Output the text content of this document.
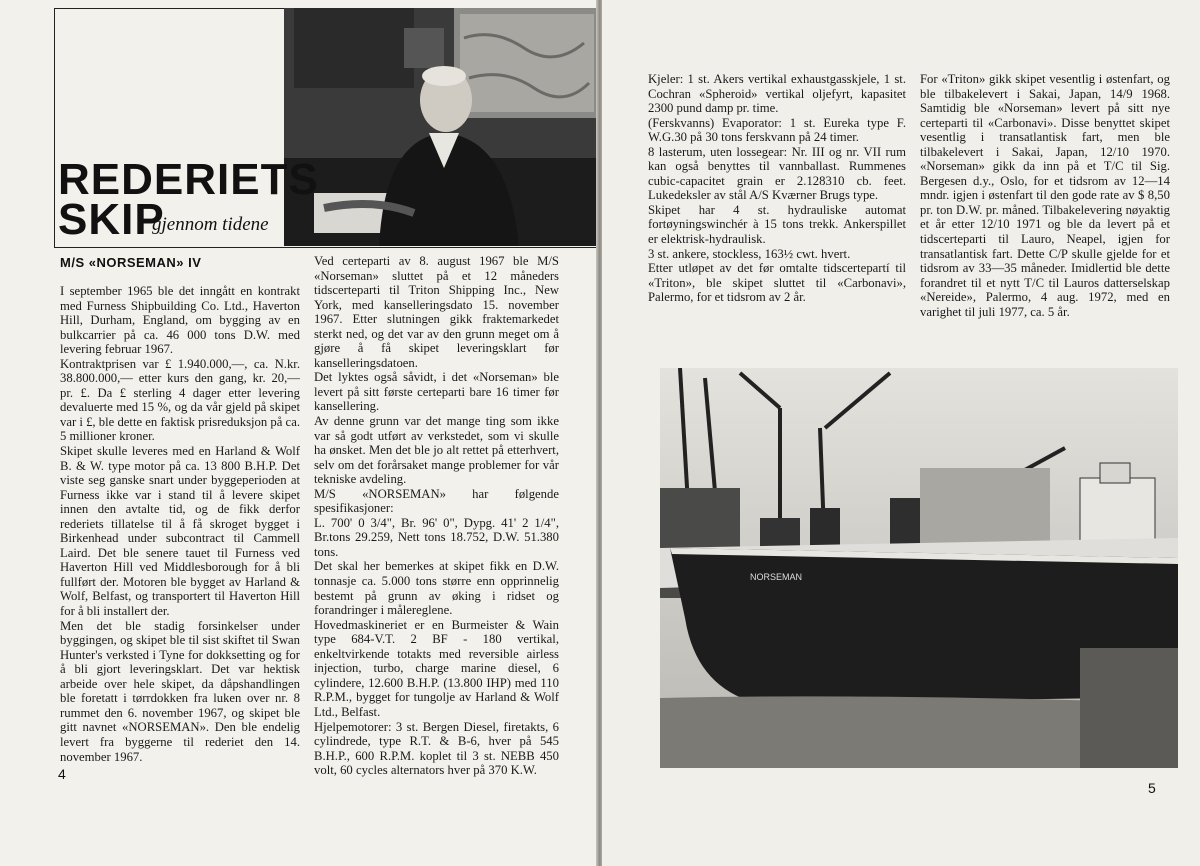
REDERIETS
SKIP
gjennom tidene
M/S «NORSEMAN» IV

I september 1965 ble det inngått en kontrakt med Furness Shipbuilding Co. Ltd., Haverton Hill, Durham, England, om bygging av en bulkcarrier på ca. 46 000 tons D.W. med levering februar 1967.

Kontraktprisen var £ 1.940.000,—, ca. N.kr. 38.800.000,— etter kurs den gang, kr. 20,— pr. £. Da £ sterling 4 dager etter levering devaluerte med 15 %, og da vår gjeld på skipet var i £, ble dette en faktisk prisreduksjon på ca. 5 millioner kroner.

Skipet skulle leveres med en Harland & Wolf B. & W. type motor på ca. 13 800 B.H.P. Det viste seg ganske snart under byggeperioden at Furness ikke var i stand til å levere skipet innen den avtalte tid, og de fikk derfor rederiets tillatelse til å få skroget bygget i Birkenhead under subcontract til Cammell Laird. Det ble senere tauet til Furness ved Haverton Hill ved Middlesborough for å bli fullført der. Motoren ble bygget av Harland & Wolf, Belfast, og transportert til Haverton Hill for å bli installert der.

Men det ble stadig forsinkelser under byggingen, og skipet ble til sist skiftet til Swan Hunter's verksted i Tyne for dokksetting og for å bli gjort leveringsklart. Det var hektisk arbeide over hele skipet, da dåpshandlingen ble foretatt i tørrdokken fra luken over nr. 8 rummet den 6. november 1967, og skipet ble gitt navnet «NORSEMAN». Den ble endelig levert fra byggerne til rederiet den 14. november 1967.

Ved certeparti av 8. august 1967 ble M/S «Norseman» sluttet på et 12 måneders tidscerteparti til Triton Shipping Inc., New York, med kanselleringsdato 15. november 1967. Etter slutningen gikk fraktemarkedet sterkt ned, og det var av den grunn meget om å gjøre å få skipet leveringsklart før kanselleringsdatoen.

Det lyktes også såvidt, i det «Norseman» ble levert på sitt første certeparti bare 16 timer før kansellering.

Av denne grunn var det mange ting som ikke var så godt utført av verkstedet, som vi skulle ha ønsket. Men det ble jo alt rettet på etterhvert, selv om det forårsaket mange problemer for vår tekniske avdeling.

M/S «NORSEMAN» har følgende spesifikasjoner:

L. 700' 0 3/4", Br. 96' 0", Dypg. 41' 2 1/4", Br.tons 29.259, Nett tons 18.752, D.W. 51.380 tons.

Det skal her bemerkes at skipet fikk en D.W. tonnasje ca. 5.000 tons større enn opprinnelig bestemt på grunn av øking i ridset og forandringer i målereglene.

Hovedmaskineriet er en Burmeister & Wain type 684-V.T. 2 BF - 180 vertikal, enkeltvirkende totakts med reversible airless injection, turbo, charge marine diesel, 6 cylindere, 12.600 B.H.P. (13.800 IHP) med 110 R.P.M., bygget for tungolje av Harland & Wolf Ltd., Belfast.

Hjelpemotorer: 3 st. Bergen Diesel, firetakts, 6 cylindrede, type R.T. & B-6, hver på 545 B.H.P., 600 R.P.M. koplet til 3 st. NEBB 450 volt, 60 cycles alternators hver på 370 K.W.

4

Kjeler: 1 st. Akers vertikal exhaustgasskjele, 1 st. Cochran «Spheroid» vertikal oljefyrt, kapasitet 2300 pund damp pr. time.

(Ferskvanns) Evaporator: 1 st. Eureka type F. W.G.30 på 30 tons ferskvann på 24 timer.

8 lasterum, uten lossegear: Nr. III og nr. VII rum kan også benyttes til vannballast. Rummenes cubic-capacitet grain er 2.128310 cb. feet. Lukedeksler av stål A/S Kværner Brugs type.

Skipet har 4 st. hydrauliske automat fortøyningswinchér à 15 tons trekk. Ankerspillet er elektrisk-hydraulisk.

3 st. ankere, stockless, 163½ cwt. hvert.

Etter utløpet av det før omtalte tidscertepartí til «Triton», ble skipet sluttet til «Carbonavi», Palermo, for et tidsrom av 2 år.

For «Triton» gikk skipet vesentlig i østenfart, og ble tilbakelevert i Sakai, Japan, 14/9 1968. Samtidig ble «Norseman» levert på sitt nye certeparti til «Carbonavi». Disse benyttet skipet vesentlig i transatlantisk fart, men ble tilbakelevert i Sakai, Japan, 12/10 1970. «Norseman» gikk da inn på et T/C til Sig. Bergesen d.y., Oslo, for et tidsrom av 12—14 mndr. igjen i østenfart til den gode rate av $ 8,50 pr. ton D.W. pr. måned. Tilbakelevering nøyaktig et år etter 12/10 1971 og ble da levert på et tidscerteparti til Lauro, Neapel, igjen for transatlantisk fart. Dette C/P skulle gjelde for et tidsrom av 33—35 måneder. Imidlertid ble dette forandret til et nytt T/C til Lauros datterselskap «Nereide», Palermo, 4 aug. 1972, med en varighet til juli 1977, ca. 5 år.

NORSEMAN
5
